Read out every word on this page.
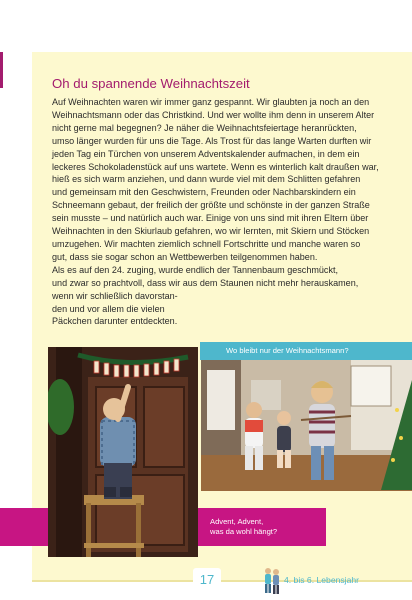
Oh du spannende Weihnachtszeit
Auf Weihnachten waren wir immer ganz gespannt. Wir glaubten ja noch an den
Weihnachtsmann oder das Christkind. Und wer wollte ihm denn in unserem Alter
nicht gerne mal begegnen? Je näher die Weihnachtsfeiertage heranrückten,
umso länger wurden für uns die Tage. Als Trost für das lange Warten durften wir
jeden Tag ein Türchen von unserem Adventskalender aufmachen, in dem ein
leckeres Schokoladenstück auf uns wartete. Wenn es winterlich kalt draußen war,
hieß es sich warm anziehen, und dann wurde viel mit dem Schlitten gefahren
und gemeinsam mit den Geschwistern, Freunden oder Nachbarskindern ein
Schneemann gebaut, der freilich der größte und schönste in der ganzen Straße
sein musste – und natürlich auch war. Einige von uns sind mit ihren Eltern über
Weihnachten in den Skiurlaub gefahren, wo wir lernten, mit Skiern und Stöcken
umzugehen. Wir machten ziemlich schnell Fortschritte und manche waren so
gut, dass sie sogar schon an Wettbewerben teilgenommen haben.
Als es auf den 24. zuging, wurde endlich der Tannenbaum geschmückt,
und zwar so prachtvoll, dass wir aus dem Staunen nicht mehr herauskamen,
wenn wir schließlich davorstan-
den und vor allem die vielen
Päckchen darunter entdeckten.
Wo bleibt nur der Weihnachtsmann?
Advent, Advent,
was da wohl hängt?
17	4. bis 6. Lebensjahr
